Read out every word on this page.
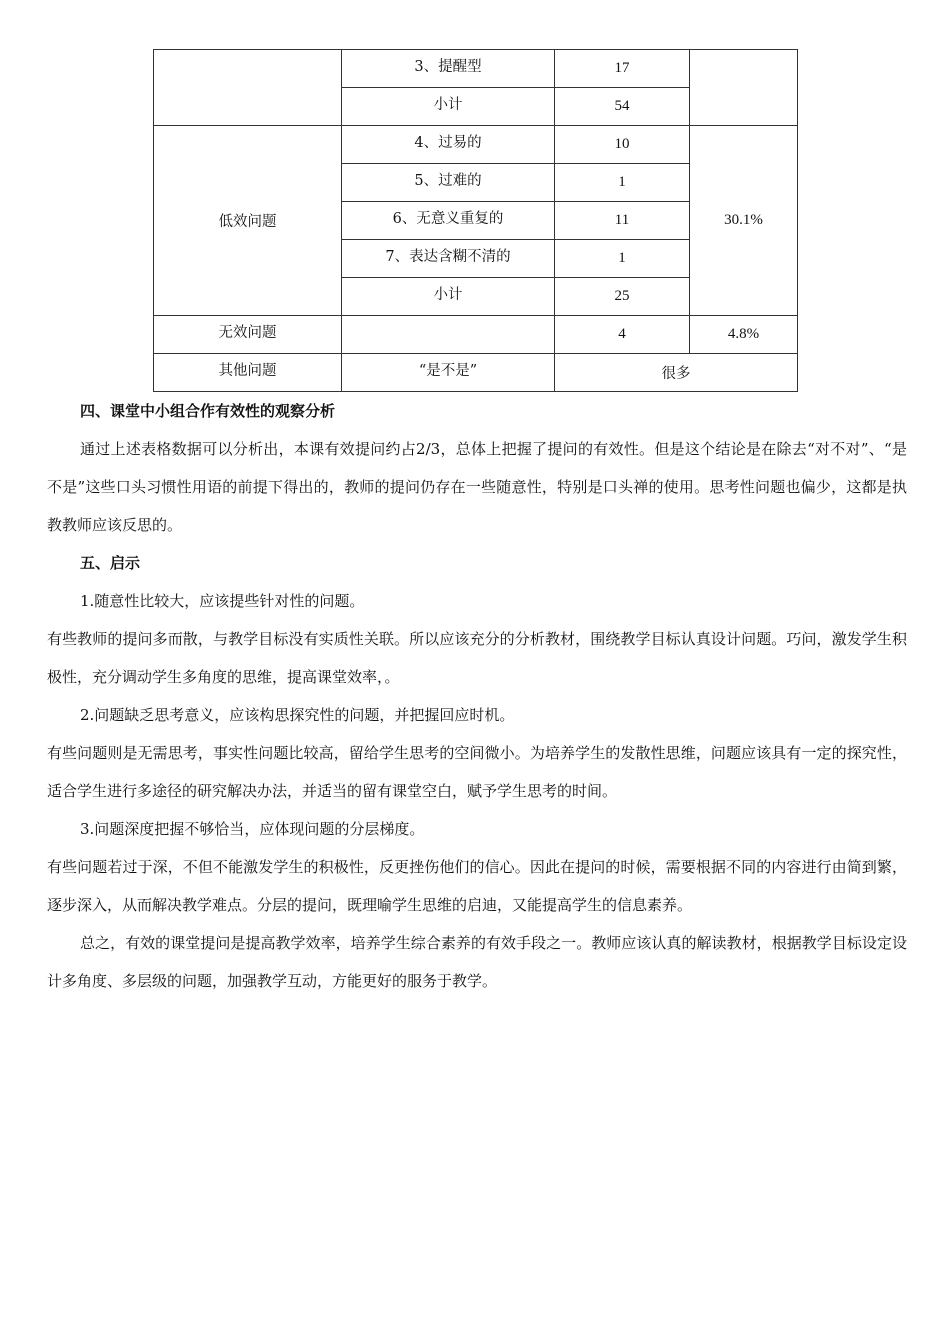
	3、提醒型	17	
	小计	54	
低效问题	4、过易的	10	30.1%
	5、过难的	1	
	6、无意义重复的	11	
	7、表达含糊不清的	1	
	小计	25	
无效问题		4	4.8%
其他问题	“是不是”	很多	

四、课堂中小组合作有效性的观察分析

通过上述表格数据可以分析出，本课有效提问约占2/3，总体上把握了提问的有效性。但是这个结论是在除去“对不对”、“是不是”这些口头习惯性用语的前提下得出的，教师的提问仍存在一些随意性，特别是口头禅的使用。思考性问题也偏少，这都是执教教师应该反思的。

五、启示

1.随意性比较大，应该提些针对性的问题。

有些教师的提问多而散，与教学目标没有实质性关联。所以应该充分的分析教材，围绕教学目标认真设计问题。巧问，激发学生积极性，充分调动学生多角度的思维，提高课堂效率，。

2.问题缺乏思考意义，应该构思探究性的问题，并把握回应时机。

有些问题则是无需思考，事实性问题比较高，留给学生思考的空间微小。为培养学生的发散性思维，问题应该具有一定的探究性，适合学生进行多途径的研究解决办法，并适当的留有课堂空白，赋予学生思考的时间。

3.问题深度把握不够恰当，应体现问题的分层梯度。

有些问题若过于深，不但不能激发学生的积极性，反更挫伤他们的信心。因此在提问的时候，需要根据不同的内容进行由简到繁，逐步深入，从而解决教学难点。分层的提问，既理喻学生思维的启迪，又能提高学生的信息素养。

总之，有效的课堂提问是提高教学效率，培养学生综合素养的有效手段之一。教师应该认真的解读教材，根据教学目标设定设计多角度、多层级的问题，加强教学互动，方能更好的服务于教学。
